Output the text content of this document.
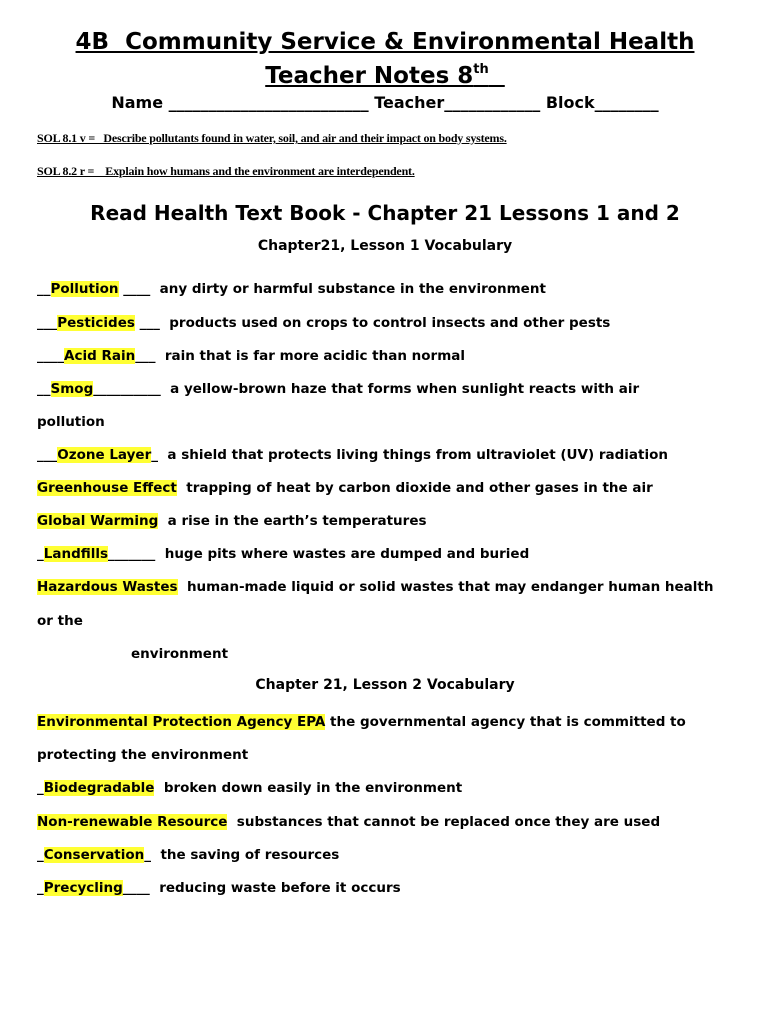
4B  Community Service & Environmental Health
Teacher Notes 8th
Name _________________________ Teacher____________ Block________
SOL 8.1 v =   Describe pollutants found in water, soil, and air and their impact on body systems.
SOL 8.2 r =    Explain how humans and the environment are interdependent.
Read Health Text Book - Chapter 21 Lessons 1 and 2
Chapter21, Lesson 1 Vocabulary
__Pollution ____  any dirty or harmful substance in the environment
___Pesticides ___  products used on crops to control insects and other pests
____Acid Rain___  rain that is far more acidic than normal
__Smog__________  a yellow-brown haze that forms when sunlight reacts with air
pollution
___Ozone Layer_  a shield that protects living things from ultraviolet (UV) radiation
Greenhouse Effect trapping of heat by carbon dioxide and other gases in the air
Global Warming a rise in the earth’s temperatures
_Landfills_______  huge pits where wastes are dumped and buried
Hazardous Wastes human-made liquid or solid wastes that may endanger human health
or the
environment
Chapter 21, Lesson 2 Vocabulary
Environmental Protection Agency EPA the governmental agency that is committed to
protecting the environment
_Biodegradable broken down easily in the environment
Non-renewable Resource substances that cannot be replaced once they are used
_Conservation_  the saving of resources
_Precycling____  reducing waste before it occurs
